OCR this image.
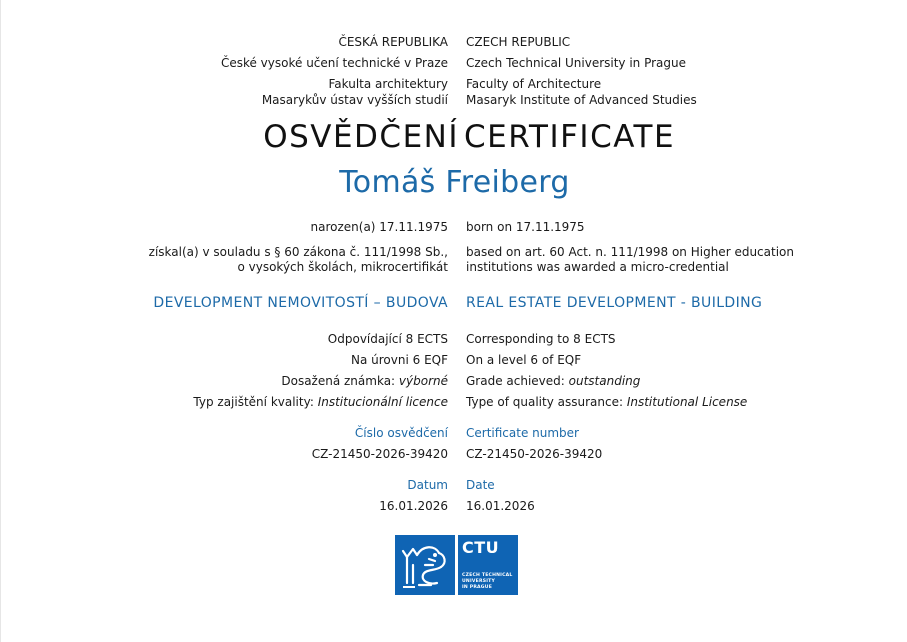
ČESKÁ REPUBLIKA CZECH REPUBLIC
České vysoké učení technické v Praze Czech Technical University in Prague
Fakulta architektury Faculty of Architecture
Masarykův ústav vyšších studií Masaryk Institute of Advanced Studies
OSVĚDČENÍ CERTIFICATE
Tomáš Freiberg
narozen(a) 17.11.1975 born on 17.11.1975
získal(a) v souladu s § 60 zákona č. 111/1998 Sb., based on art. 60 Act. n. 111/1998 on Higher education
o vysokých školách, mikrocertifikát institutions was awarded a micro-credential
DEVELOPMENT NEMOVITOSTÍ – BUDOVA REAL ESTATE DEVELOPMENT - BUILDING
Odpovídající 8 ECTS Corresponding to 8 ECTS
Na úrovni 6 EQF On a level 6 of EQF
Dosažená známka: výborné Grade achieved: outstanding
Typ zajištění kvality: Institucionální licence Type of quality assurance: Institutional License
Číslo osvědčení Certificate number
CZ-21450-2026-39420 CZ-21450-2026-39420
Datum Date
16.01.2026 16.01.2026
CTU
CZECH TECHNICAL
UNIVERSITY
IN PRAGUE
